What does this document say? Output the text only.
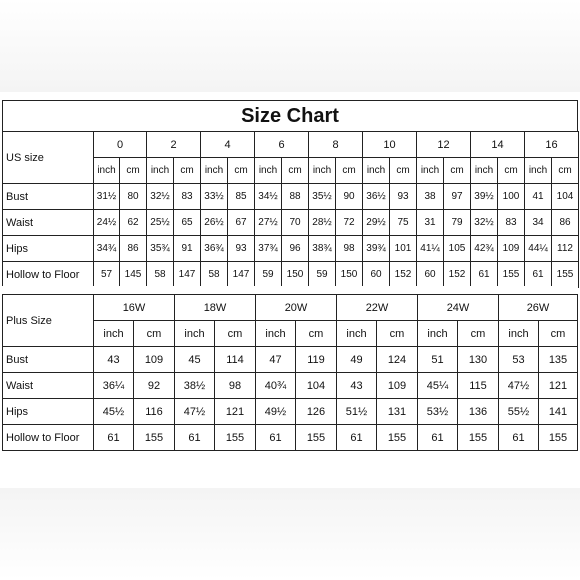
Size Chart
US size	0		2		4		6		8		10		12		14		16	
	inch	cm	inch	cm	inch	cm	inch	cm	inch	cm	inch	cm	inch	cm	inch	cm	inch	cm
Bust	31½	80	32½	83	33½	85	34½	88	35½	90	36½	93	38	97	39½	100	41	104
Waist	24½	62	25½	65	26½	67	27½	70	28½	72	29½	75	31	79	32½	83	34	86
Hips	34¾	86	35¾	91	36¾	93	37¾	96	38¾	98	39¾	101	41¼	105	42¾	109	44¼	112
Hollow to Floor	57	145	58	147	58	147	59	150	59	150	60	152	60	152	61	155	61	155
Plus Size	16W		18W		20W		22W		24W		26W	
	inch	cm	inch	cm	inch	cm	inch	cm	inch	cm	inch	cm
Bust	43	109	45	114	47	119	49	124	51	130	53	135
Waist	36¼	92	38½	98	40¾	104	43	109	45¼	115	47½	121
Hips	45½	116	47½	121	49½	126	51½	131	53½	136	55½	141
Hollow to Floor	61	155	61	155	61	155	61	155	61	155	61	155
